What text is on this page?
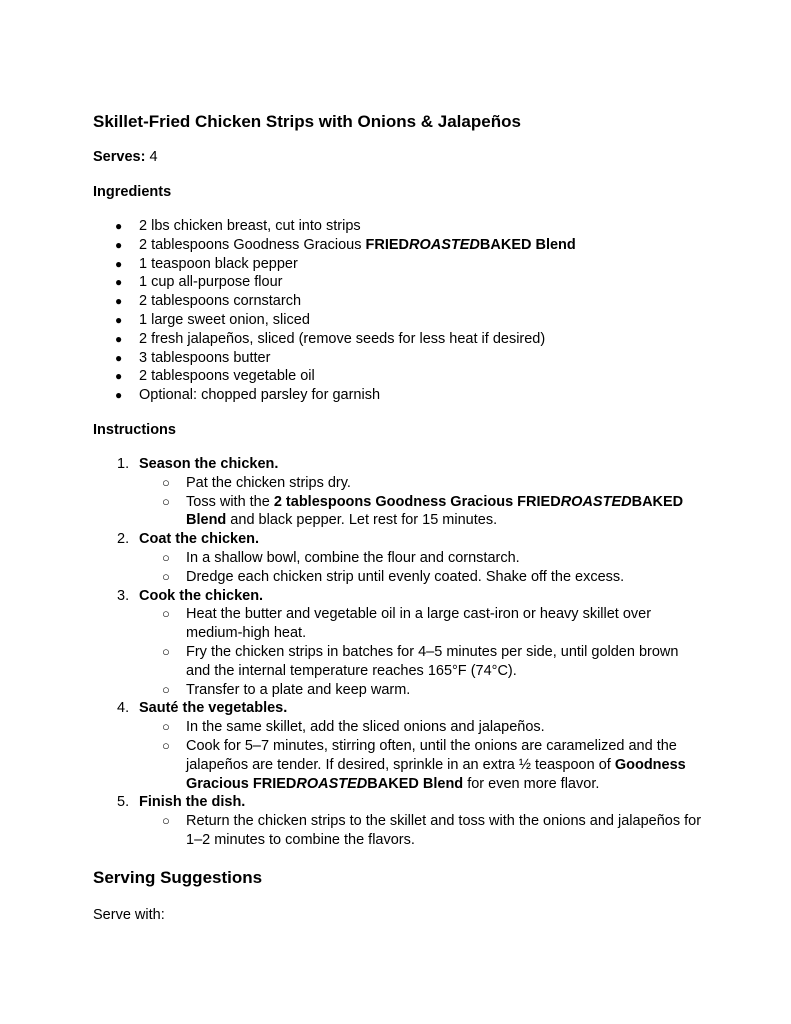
Skillet-Fried Chicken Strips with Onions & Jalapeños
Serves: 4
Ingredients
● 2 lbs chicken breast, cut into strips
● 2 tablespoons Goodness Gracious FRIEDROASTEDBAKED Blend
● 1 teaspoon black pepper
● 1 cup all-purpose flour
● 2 tablespoons cornstarch
● 1 large sweet onion, sliced
● 2 fresh jalapeños, sliced (remove seeds for less heat if desired)
● 3 tablespoons butter
● 2 tablespoons vegetable oil
● Optional: chopped parsley for garnish
Instructions
1. Season the chicken.
○ Pat the chicken strips dry.
○ Toss with the 2 tablespoons Goodness Gracious FRIEDROASTEDBAKED Blend and black pepper. Let rest for 15 minutes.
2. Coat the chicken.
○ In a shallow bowl, combine the flour and cornstarch.
○ Dredge each chicken strip until evenly coated. Shake off the excess.
3. Cook the chicken.
○ Heat the butter and vegetable oil in a large cast-iron or heavy skillet over medium-high heat.
○ Fry the chicken strips in batches for 4–5 minutes per side, until golden brown and the internal temperature reaches 165°F (74°C).
○ Transfer to a plate and keep warm.
4. Sauté the vegetables.
○ In the same skillet, add the sliced onions and jalapeños.
○ Cook for 5–7 minutes, stirring often, until the onions are caramelized and the jalapeños are tender. If desired, sprinkle in an extra ½ teaspoon of Goodness Gracious FRIEDROASTEDBAKED Blend for even more flavor.
5. Finish the dish.
○ Return the chicken strips to the skillet and toss with the onions and jalapeños for 1–2 minutes to combine the flavors.
Serving Suggestions
Serve with:
